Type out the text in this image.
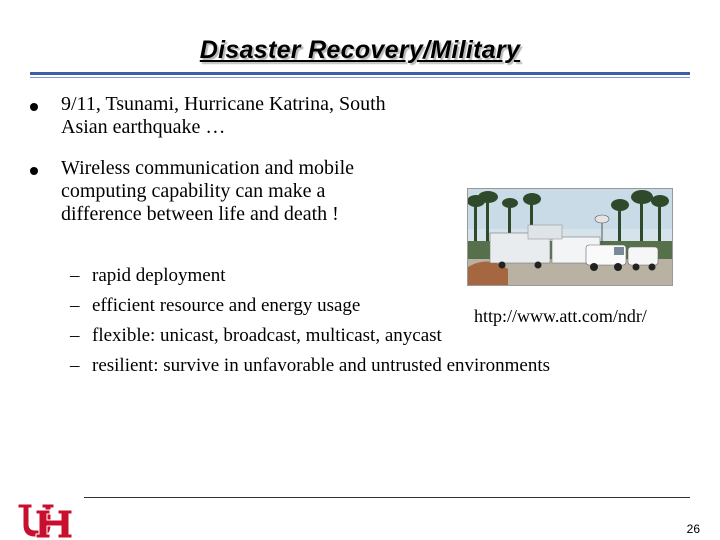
Disaster Recovery/Military
9/11, Tsunami, Hurricane Katrina, South Asian earthquake …
Wireless communication and mobile computing capability can make a difference between life and death !
– rapid deployment
– efficient resource and energy usage	http://www.att.com/ndr/
– flexible: unicast, broadcast, multicast, anycast
– resilient: survive in unfavorable and untrusted environments
26
